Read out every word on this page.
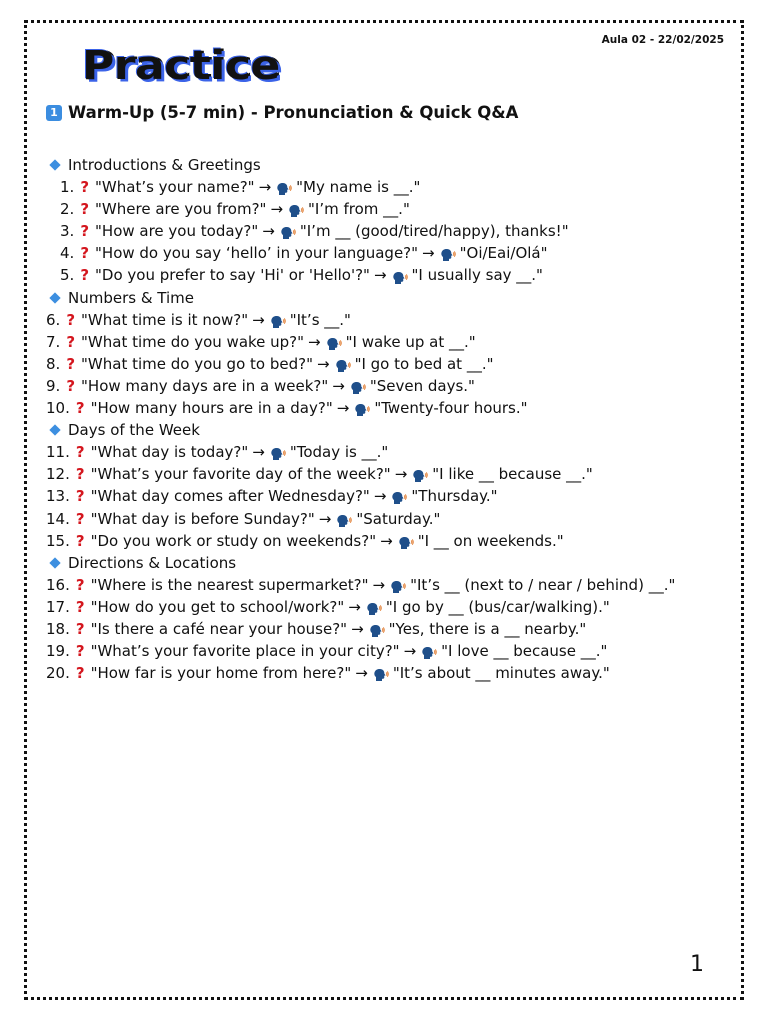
Aula 02 - 22/02/2025
Practice
1 Warm-Up (5-7 min) - Pronunciation & Quick Q&A
Introductions & Greetings
1. ? "What’s your name?" → "My name is __."
2. ? "Where are you from?" → "I’m from __."
3. ? "How are you today?" → "I’m __ (good/tired/happy), thanks!"
4. ? "How do you say ‘hello’ in your language?" → "Oi/Eai/Olá"
5. ? "Do you prefer to say 'Hi' or 'Hello'?" → "I usually say __."
Numbers & Time
6. ? "What time is it now?" → "It’s __."
7. ? "What time do you wake up?" → "I wake up at __."
8. ? "What time do you go to bed?" → "I go to bed at __."
9. ? "How many days are in a week?" → "Seven days."
10. ? "How many hours are in a day?" → "Twenty-four hours."
Days of the Week
11. ? "What day is today?" → "Today is __."
12. ? "What’s your favorite day of the week?" → "I like __ because __."
13. ? "What day comes after Wednesday?" → "Thursday."
14. ? "What day is before Sunday?" → "Saturday."
15. ? "Do you work or study on weekends?" → "I __ on weekends."
Directions & Locations
16. ? "Where is the nearest supermarket?" → "It’s __ (next to / near / behind) __."
17. ? "How do you get to school/work?" → "I go by __ (bus/car/walking)."
18. ? "Is there a café near your house?" → "Yes, there is a __ nearby."
19. ? "What’s your favorite place in your city?" → "I love __ because __."
20. ? "How far is your home from here?" → "It’s about __ minutes away."
1
